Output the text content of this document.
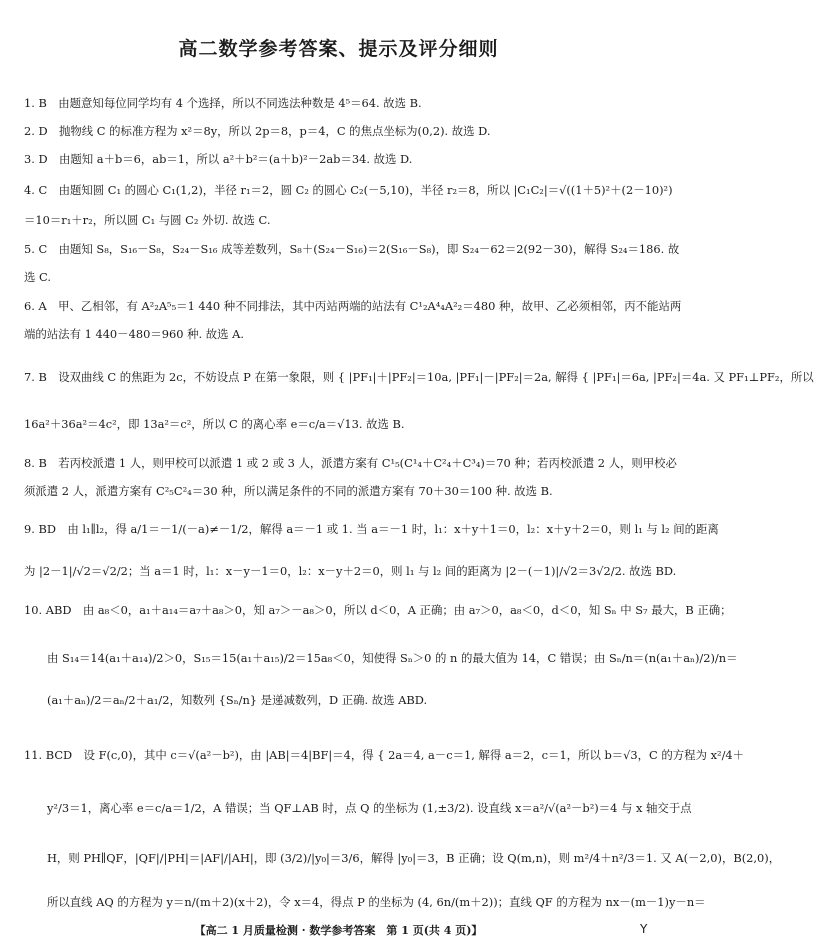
高二数学参考答案、提示及评分细则
1. B　由题意知每位同学均有 4 个选择，所以不同选法种数是 4⁵＝64. 故选 B.
2. D　抛物线 C 的标准方程为 x²＝8y，所以 2p＝8，p＝4，C 的焦点坐标为(0,2). 故选 D.
3. D　由题知 a＋b＝6，ab＝1，所以 a²＋b²＝(a＋b)²－2ab＝34. 故选 D.
4. C　由题知圆 C₁ 的圆心 C₁(1,2)，半径 r₁＝2，圆 C₂ 的圆心 C₂(－5,10)，半径 r₂＝8，所以 |C₁C₂|＝√((1＋5)²＋(2－10)²)
＝10＝r₁＋r₂，所以圆 C₁ 与圆 C₂ 外切. 故选 C.
5. C　由题知 S₈，S₁₆－S₈，S₂₄－S₁₆ 成等差数列，S₈＋(S₂₄－S₁₆)＝2(S₁₆－S₈)，即 S₂₄－62＝2(92－30)，解得 S₂₄＝186. 故
选 C.
6. A　甲、乙相邻，有 A²₂A⁵₅＝1 440 种不同排法，其中丙站两端的站法有 C¹₂A⁴₄A²₂＝480 种，故甲、乙必须相邻，丙不能站两
端的站法有 1 440－480＝960 种. 故选 A.
7. B　设双曲线 C 的焦距为 2c，不妨设点 P 在第一象限，则 { |PF₁|＋|PF₂|＝10a, |PF₁|－|PF₂|＝2a, 解得 { |PF₁|＝6a, |PF₂|＝4a. 又 PF₁⊥PF₂，所以
16a²＋36a²＝4c²，即 13a²＝c²，所以 C 的离心率 e＝c/a＝√13. 故选 B.
8. B　若丙校派遣 1 人，则甲校可以派遣 1 或 2 或 3 人，派遣方案有 C¹₅(C¹₄＋C²₄＋C³₄)＝70 种；若丙校派遣 2 人，则甲校必
须派遣 2 人，派遣方案有 C²₅C²₄＝30 种，所以满足条件的不同的派遣方案有 70＋30＝100 种. 故选 B.
9. BD　由 l₁∥l₂，得 a/1＝－1/(－a)≠－1/2，解得 a＝－1 或 1. 当 a＝－1 时，l₁：x＋y＋1＝0，l₂：x＋y＋2＝0，则 l₁ 与 l₂ 间的距离
为 |2－1|/√2＝√2/2；当 a＝1 时，l₁：x－y－1＝0，l₂：x－y＋2＝0，则 l₁ 与 l₂ 间的距离为 |2－(－1)|/√2＝3√2/2. 故选 BD.
10. ABD　由 a₈＜0，a₁＋a₁₄＝a₇＋a₈＞0，知 a₇＞－a₈＞0，所以 d＜0，A 正确；由 a₇＞0，a₈＜0，d＜0，知 Sₙ 中 S₇ 最大，B 正确；
由 S₁₄＝14(a₁＋a₁₄)/2＞0，S₁₅＝15(a₁＋a₁₅)/2＝15a₈＜0，知使得 Sₙ＞0 的 n 的最大值为 14，C 错误；由 Sₙ/n＝(n(a₁＋aₙ)/2)/n＝
(a₁＋aₙ)/2＝aₙ/2＋a₁/2，知数列 {Sₙ/n} 是递减数列，D 正确. 故选 ABD.
11. BCD　设 F(c,0)，其中 c＝√(a²－b²)，由 |AB|＝4|BF|＝4，得 { 2a＝4, a－c＝1, 解得 a＝2，c＝1，所以 b＝√3，C 的方程为 x²/4＋
y²/3＝1，离心率 e＝c/a＝1/2，A 错误；当 QF⊥AB 时，点 Q 的坐标为 (1,±3/2). 设直线 x＝a²/√(a²－b²)＝4 与 x 轴交于点
H，则 PH∥QF，|QF|/|PH|＝|AF|/|AH|，即 (3/2)/|y₀|＝3/6，解得 |y₀|＝3，B 正确；设 Q(m,n)，则 m²/4＋n²/3＝1. 又 A(－2,0)，B(2,0)，
所以直线 AQ 的方程为 y＝n/(m＋2)(x＋2)，令 x＝4，得点 P 的坐标为 (4, 6n/(m＋2))；直线 QF 的方程为 nx－(m－1)y－n＝
【高二 1 月质量检测 · 数学参考答案　第 1 页(共 4 页)】	Y
